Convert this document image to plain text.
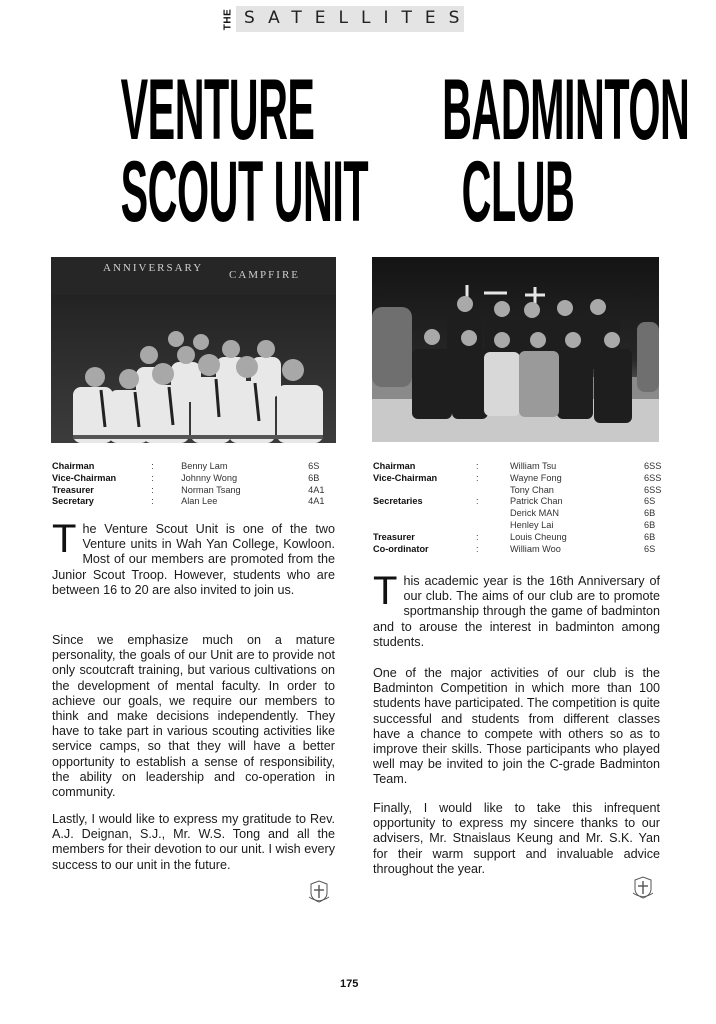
THE SATELLITES
VENTURE
SCOUT UNIT
BADMINTON
CLUB
ANNIVERSARY
CAMPFIRE
Chairman	:	Benny Lam	6S
Vice-Chairman	:	Johnny Wong	6B
Treasurer	:	Norman Tsang	4A1
Secretary	:	Alan Lee	4A1
Chairman	:	William Tsu	6SS
Vice-Chairman	:	Wayne Fong	6SS
Tony Chan	6SS
Secretaries	:	Patrick Chan	6S
Derick MAN	6B
Henley Lai	6B
Treasurer	:	Louis Cheung	6B
Co-ordinator	:	William Woo	6S

The Venture Scout Unit is one of the two Venture units in Wah Yan College, Kowloon. Most of our members are promoted from the Junior Scout Troop. However, students who are between 16 to 20 are also invited to join us.

Since we emphasize much on a mature personality, the goals of our Unit are to provide not only scoutcraft training, but various cultivations on the development of mental faculty. In order to achieve our goals, we require our members to think and make decisions independently. They have to take part in various scouting activities like service camps, so that they will have a better opportunity to establish a sense of responsibility, the ability on leadership and co-operation in community.

Lastly, I would like to express my gratitude to Rev. A.J. Deignan, S.J., Mr. W.S. Tong and all the members for their devotion to our unit. I wish every success to our unit in the future.

This academic year is the 16th Anniversary of our club. The aims of our club are to promote sportmanship through the game of badminton and to arouse the interest in badminton among students.

One of the major activities of our club is the Badminton Competition in which more than 100 students have participated. The competition is quite successful and students from different classes have a chance to compete with others so as to improve their skills. Those participants who played well may be invited to join the C-grade Badminton Team.

Finally, I would like to take this infrequent opportunity to express my sincere thanks to our advisers, Mr. Stnaislaus Keung and Mr. S.K. Yan for their warm support and invaluable advice throughout the year.

175
